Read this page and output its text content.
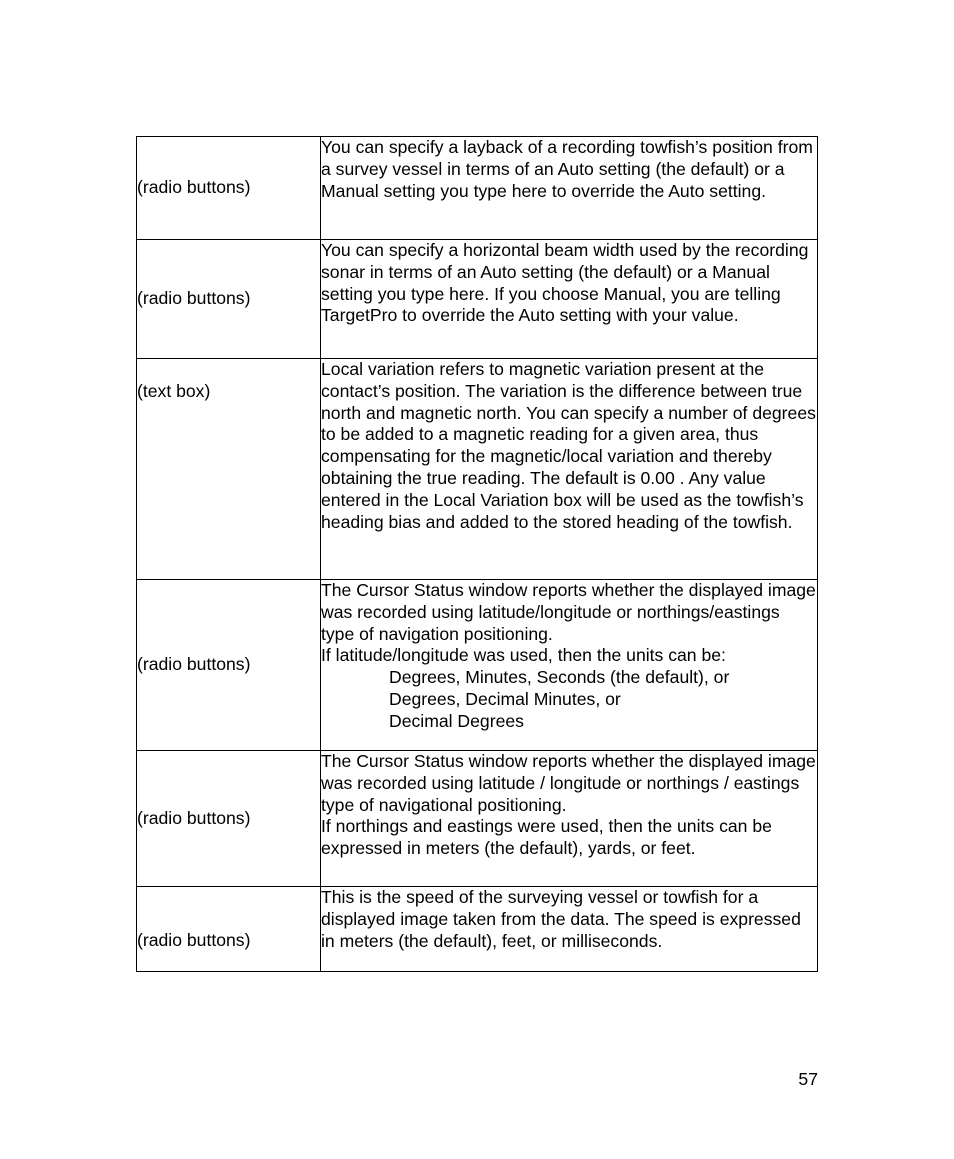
(radio buttons)	You can specify a layback of a recording towfish’s position from a survey vessel in terms of an Auto setting (the default) or a Manual setting you type here to override the Auto setting.

(radio buttons)	You can specify a horizontal beam width used by the recording sonar in terms of an Auto setting (the default) or a Manual setting you type here. If you choose Manual, you are telling TargetPro to override the Auto setting with your value.

(text box)	Local variation refers to magnetic variation present at the contact’s position. The variation is the difference between true north and magnetic north. You can specify a number of degrees to be added to a magnetic reading for a given area, thus compensating for the magnetic/local variation and thereby obtaining the true reading. The default is 0.00 . Any value entered in the Local Variation box will be used as the towfish’s heading bias and added to the stored heading of the towfish.

(radio buttons)	The Cursor Status window reports whether the displayed image was recorded using latitude/longitude or northings/eastings type of navigation positioning.
If latitude/longitude was used, then the units can be:
Degrees, Minutes, Seconds (the default), or
Degrees, Decimal Minutes, or
Decimal Degrees

(radio buttons)	The Cursor Status window reports whether the displayed image was recorded using latitude / longitude or northings / eastings type of navigational positioning.
If northings and eastings were used, then the units can be expressed in meters (the default), yards, or feet.

(radio buttons)	This is the speed of the surveying vessel or towfish for a displayed image taken from the data. The speed is expressed in meters (the default), feet, or milliseconds.
57
